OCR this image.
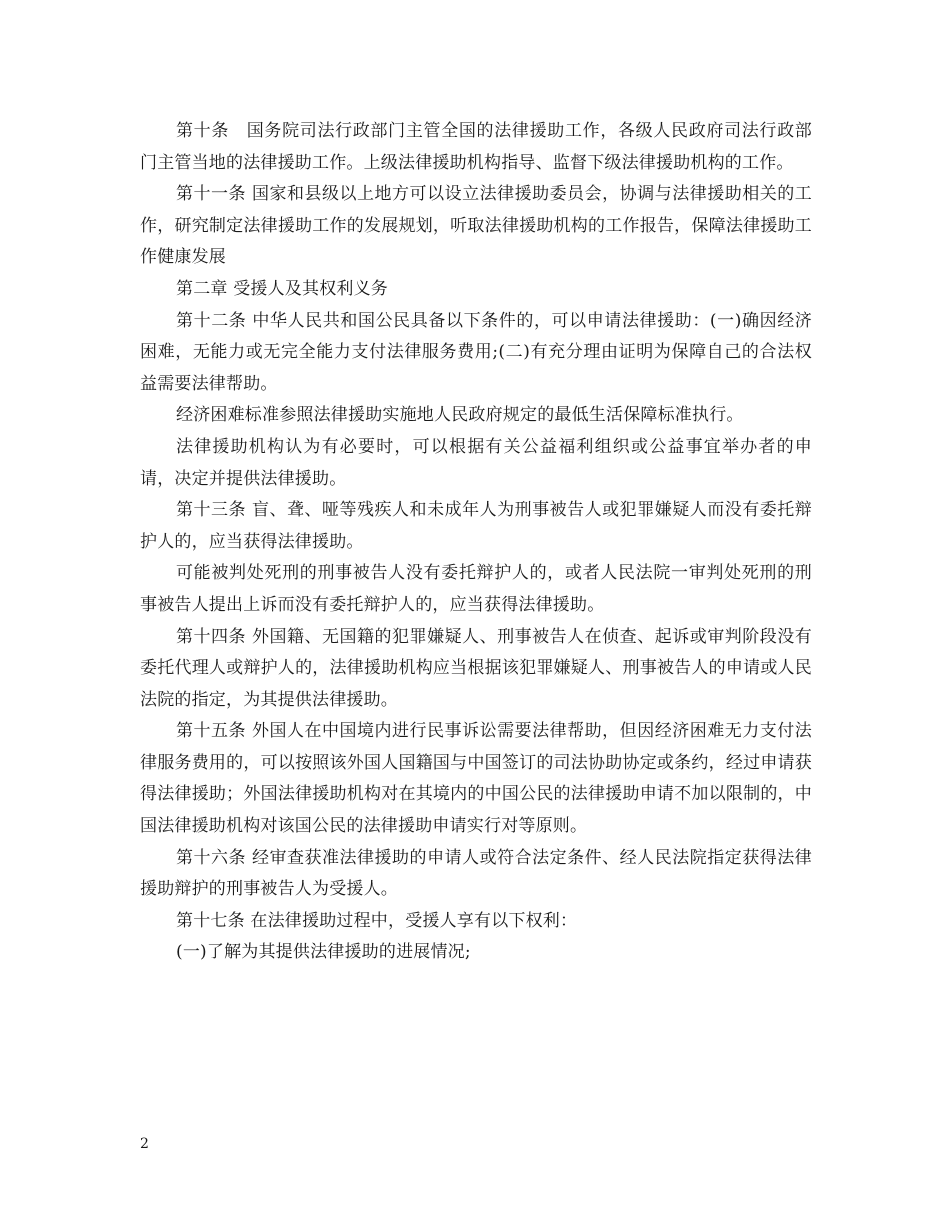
第十条　国务院司法行政部门主管全国的法律援助工作，各级人民政府司法行政部门主管当地的法律援助工作。上级法律援助机构指导、监督下级法律援助机构的工作。

第十一条 国家和县级以上地方可以设立法律援助委员会，协调与法律援助相关的工作，研究制定法律援助工作的发展规划，听取法律援助机构的工作报告，保障法律援助工作健康发展

第二章 受援人及其权利义务

第十二条 中华人民共和国公民具备以下条件的，可以申请法律援助：(一)确因经济困难，无能力或无完全能力支付法律服务费用;(二)有充分理由证明为保障自己的合法权益需要法律帮助。

经济困难标准参照法律援助实施地人民政府规定的最低生活保障标准执行。

法律援助机构认为有必要时，可以根据有关公益福利组织或公益事宜举办者的申请，决定并提供法律援助。

第十三条 盲、聋、哑等残疾人和未成年人为刑事被告人或犯罪嫌疑人而没有委托辩护人的，应当获得法律援助。

可能被判处死刑的刑事被告人没有委托辩护人的，或者人民法院一审判处死刑的刑事被告人提出上诉而没有委托辩护人的，应当获得法律援助。

第十四条 外国籍、无国籍的犯罪嫌疑人、刑事被告人在侦查、起诉或审判阶段没有委托代理人或辩护人的，法律援助机构应当根据该犯罪嫌疑人、刑事被告人的申请或人民法院的指定，为其提供法律援助。

第十五条 外国人在中国境内进行民事诉讼需要法律帮助，但因经济困难无力支付法律服务费用的，可以按照该外国人国籍国与中国签订的司法协助协定或条约，经过申请获得法律援助；外国法律援助机构对在其境内的中国公民的法律援助申请不加以限制的，中国法律援助机构对该国公民的法律援助申请实行对等原则。

第十六条 经审查获准法律援助的申请人或符合法定条件、经人民法院指定获得法律援助辩护的刑事被告人为受援人。

第十七条 在法律援助过程中，受援人享有以下权利：

(一)了解为其提供法律援助的进展情况;

2
